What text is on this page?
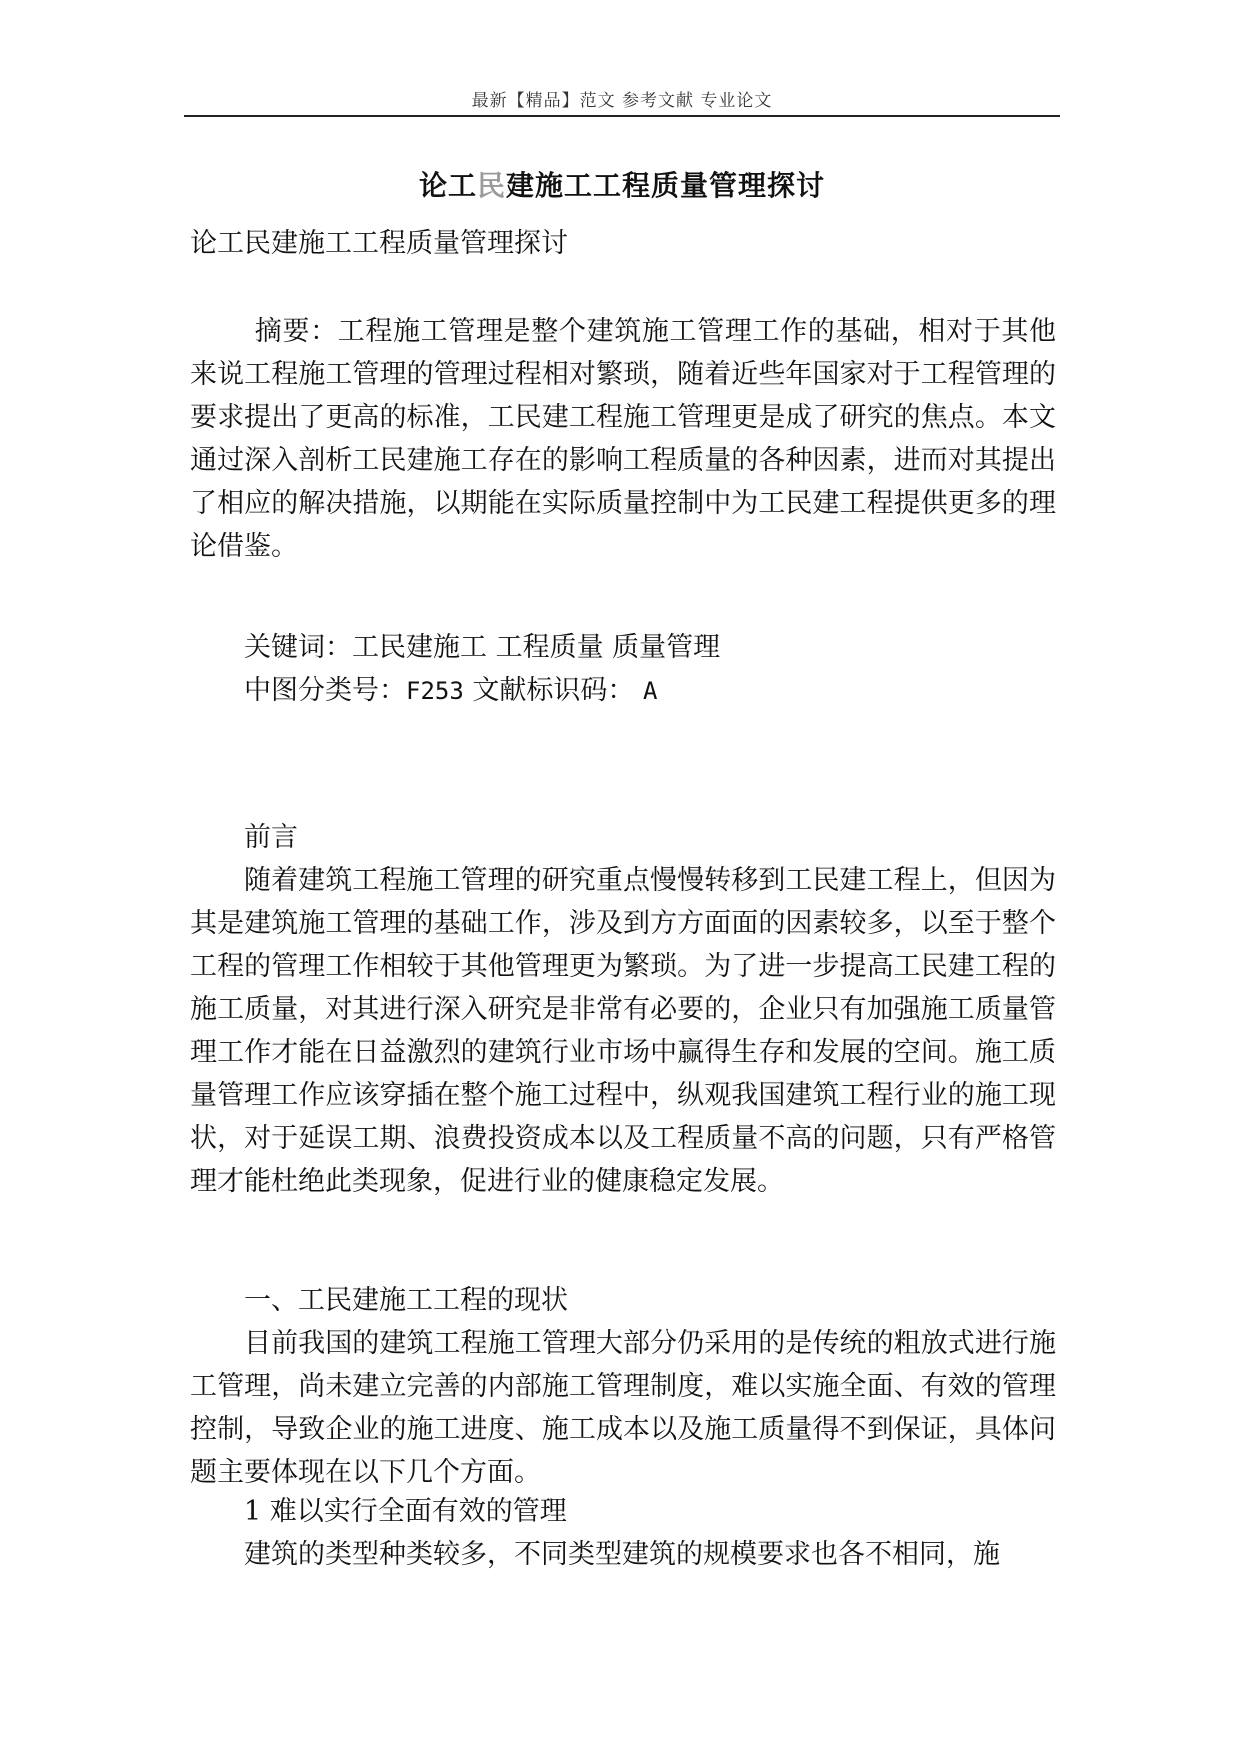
最新【精品】范文 参考文献 专业论文
论工民建施工工程质量管理探讨
论工民建施工工程质量管理探讨
摘要：工程施工管理是整个建筑施工管理工作的基础，相对于其他来说工程施工管理的管理过程相对繁琐，随着近些年国家对于工程管理的要求提出了更高的标准，工民建工程施工管理更是成了研究的焦点。本文通过深入剖析工民建施工存在的影响工程质量的各种因素，进而对其提出了相应的解决措施，以期能在实际质量控制中为工民建工程提供更多的理论借鉴。
关键词：工民建施工 工程质量 质量管理
中图分类号：F253 文献标识码： A
前言
随着建筑工程施工管理的研究重点慢慢转移到工民建工程上，但因为其是建筑施工管理的基础工作，涉及到方方面面的因素较多，以至于整个工程的管理工作相较于其他管理更为繁琐。为了进一步提高工民建工程的施工质量，对其进行深入研究是非常有必要的，企业只有加强施工质量管理工作才能在日益激烈的建筑行业市场中赢得生存和发展的空间。施工质量管理工作应该穿插在整个施工过程中，纵观我国建筑工程行业的施工现状，对于延误工期、浪费投资成本以及工程质量不高的问题，只有严格管理才能杜绝此类现象，促进行业的健康稳定发展。
一、工民建施工工程的现状
目前我国的建筑工程施工管理大部分仍采用的是传统的粗放式进行施工管理，尚未建立完善的内部施工管理制度，难以实施全面、有效的管理控制，导致企业的施工进度、施工成本以及施工质量得不到保证，具体问题主要体现在以下几个方面。
1 难以实行全面有效的管理
建筑的类型种类较多，不同类型建筑的规模要求也各不相同，施
